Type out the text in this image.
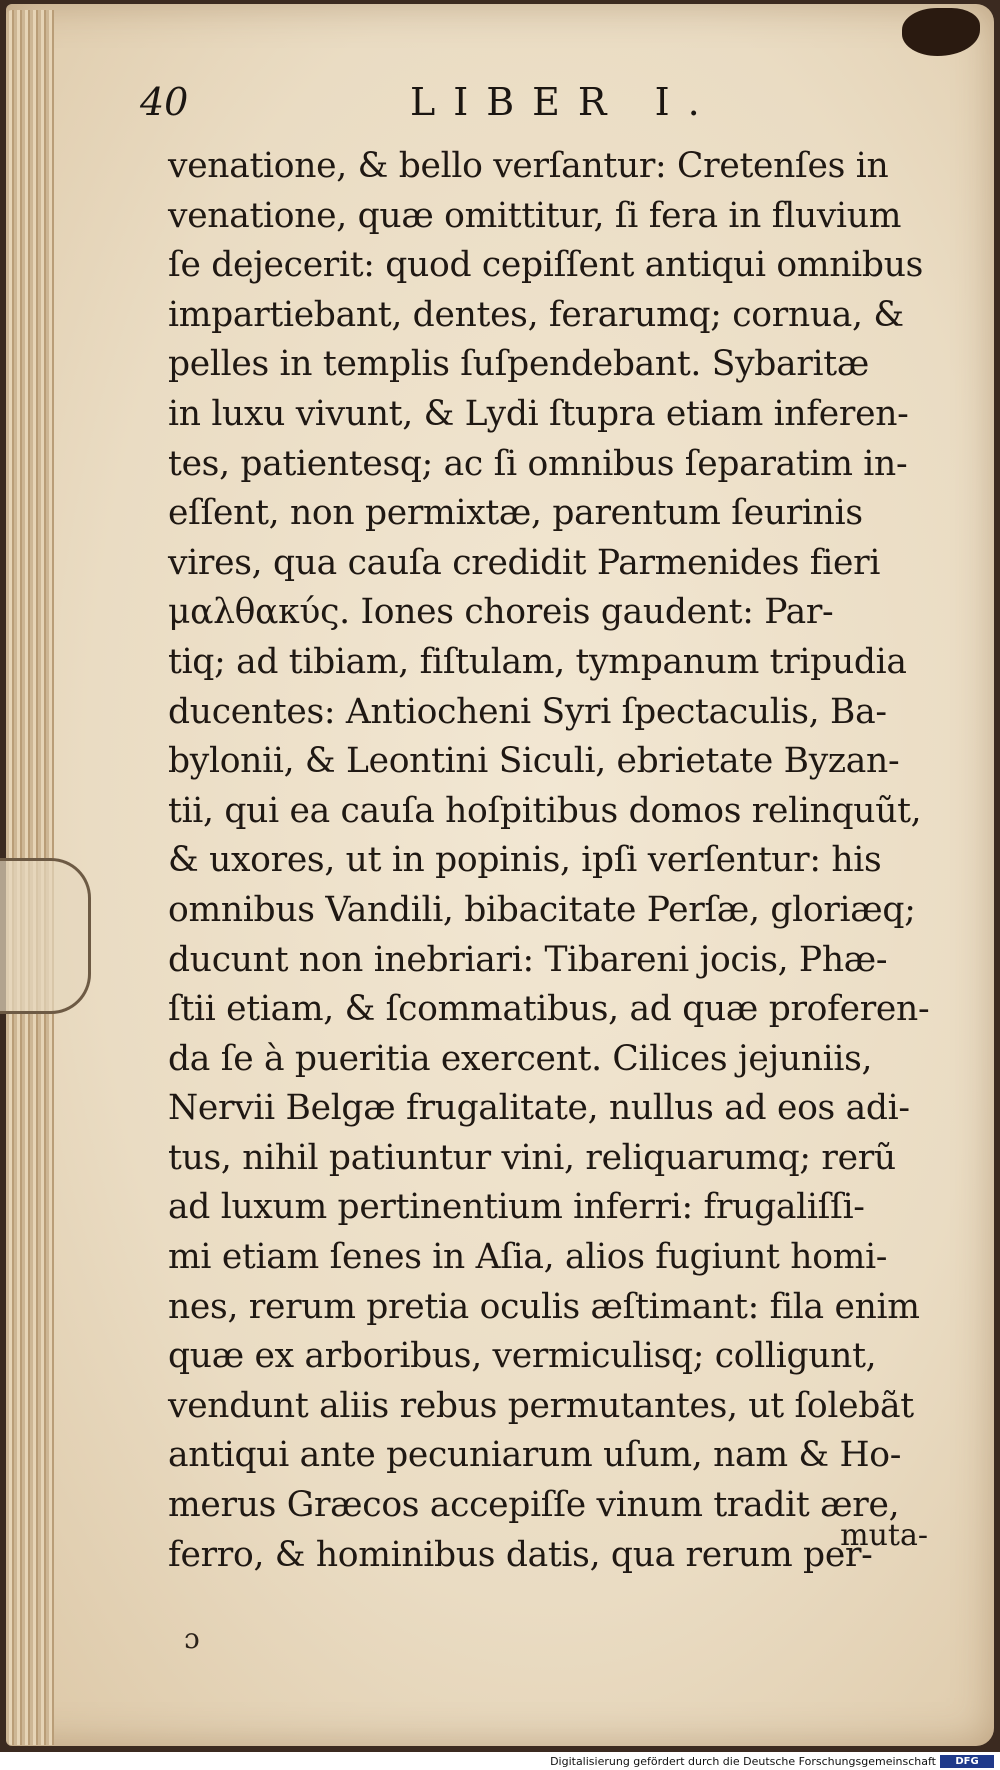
40	LIBER I.
venatione, & bello verſantur: Cretenſes in
venatione, quæ omittitur, ſi fera in fluvium
ſe dejecerit: quod cepiſſent antiqui omnibus
impartiebant, dentes, ferarumq; cornua, &
pelles in templis ſuſpendebant. Sybaritæ
in luxu vivunt, & Lydi ſtupra etiam inferen-
tes, patientesq; ac ſi omnibus ſeparatim in-
eſſent, non permixtæ, parentum ſeurinis
vires, qua cauſa credidit Parmenides fieri
μαλθακύς. Iones choreis gaudent: Par-
tiq; ad tibiam, fiſtulam, tympanum tripudia
ducentes: Antiocheni Syri ſpectaculis, Ba-
bylonii, & Leontini Siculi, ebrietate Byzan-
tii, qui ea cauſa hoſpitibus domos relinquũt,
& uxores, ut in popinis, ipſi verſentur: his
omnibus Vandili, bibacitate Perſæ, gloriæq;
ducunt non inebriari: Tibareni jocis, Phæ-
ſtii etiam, & ſcommatibus, ad quæ proferen-
da ſe à pueritia exercent. Cilices jejuniis,
Nervii Belgæ frugalitate, nullus ad eos adi-
tus, nihil patiuntur vini, reliquarumq; rerũ
ad luxum pertinentium inferri: frugaliſſi-
mi etiam ſenes in Aſia, alios fugiunt homi-
nes, rerum pretia oculis æſtimant: fila enim
quæ ex arboribus, vermiculisq; colligunt,
vendunt aliis rebus permutantes, ut ſolebãt
antiqui ante pecuniarum uſum, nam & Ho-
merus Græcos accepiſſe vinum tradit ære,
ferro, & hominibus datis, qua rerum per-
muta-
ɔ
Digitalisierung gefördert durch die Deutsche Forschungsgemeinschaft	DFG
